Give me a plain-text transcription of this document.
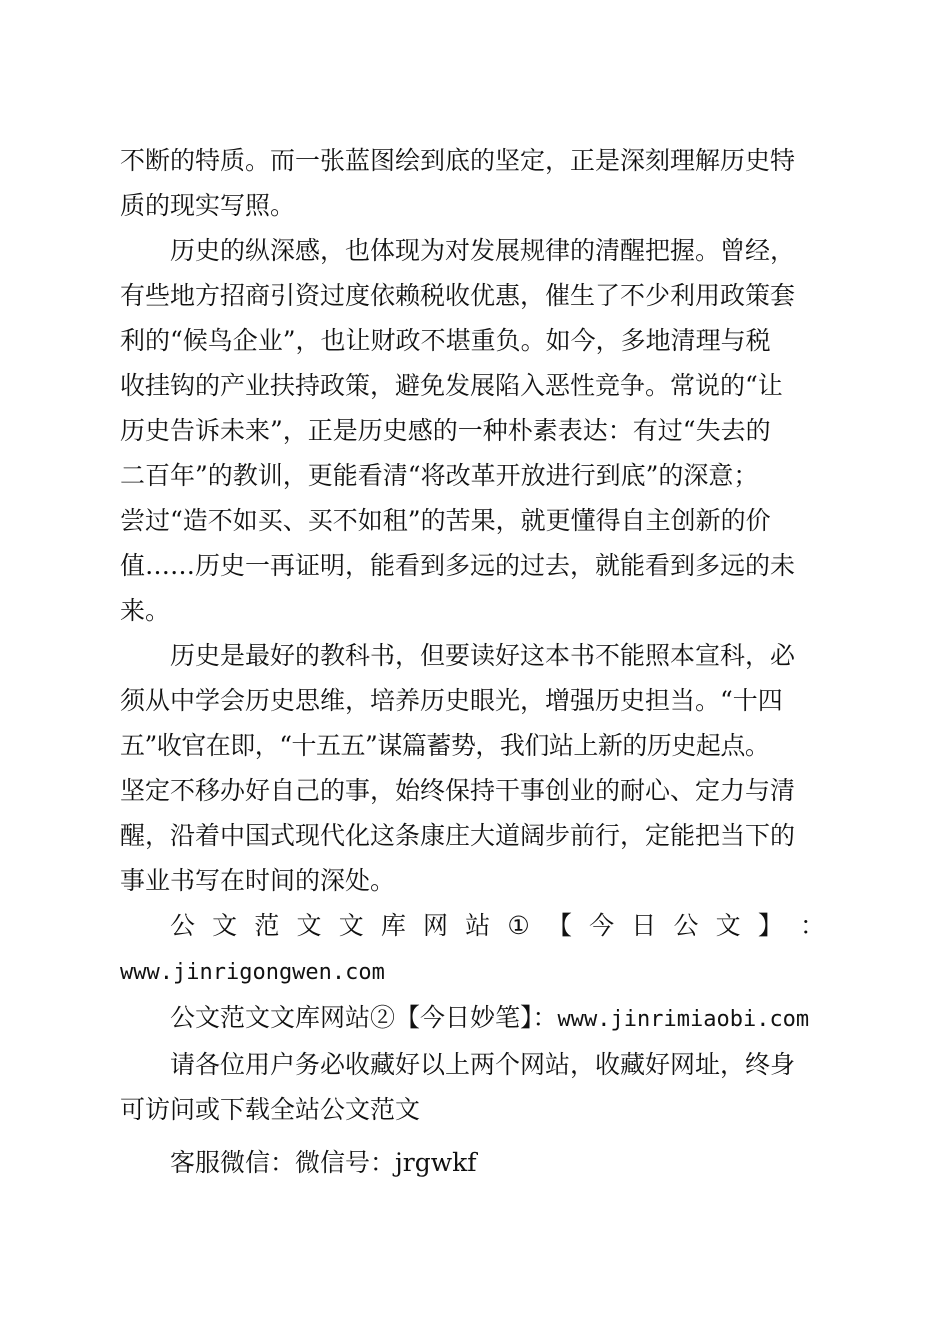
不断的特质。而一张蓝图绘到底的坚定，正是深刻理解历史特
质的现实写照。

历史的纵深感，也体现为对发展规律的清醒把握。曾经，
有些地方招商引资过度依赖税收优惠，催生了不少利用政策套
利的“候鸟企业”，也让财政不堪重负。如今，多地清理与税
收挂钩的产业扶持政策，避免发展陷入恶性竞争。常说的“让
历史告诉未来”，正是历史感的一种朴素表达：有过“失去的
二百年”的教训，更能看清“将改革开放进行到底”的深意；
尝过“造不如买、买不如租”的苦果，就更懂得自主创新的价
值……历史一再证明，能看到多远的过去，就能看到多远的未
来。

历史是最好的教科书，但要读好这本书不能照本宣科，必
须从中学会历史思维，培养历史眼光，增强历史担当。“十四
五”收官在即，“十五五”谋篇蓄势，我们站上新的历史起点。
坚定不移办好自己的事，始终保持干事创业的耐心、定力与清
醒，沿着中国式现代化这条康庄大道阔步前行，定能把当下的
事业书写在时间的深处。

公 文 范 文 文 库 网 站 ① 【 今 日 公 文 】 ：

www.jinrigongwen.com

公文范文文库网站②【今日妙笔】：www.jinrimiaobi.com

请各位用户务必收藏好以上两个网站，收藏好网址，终身
可访问或下载全站公文范文

客服微信：微信号：jrgwkf
